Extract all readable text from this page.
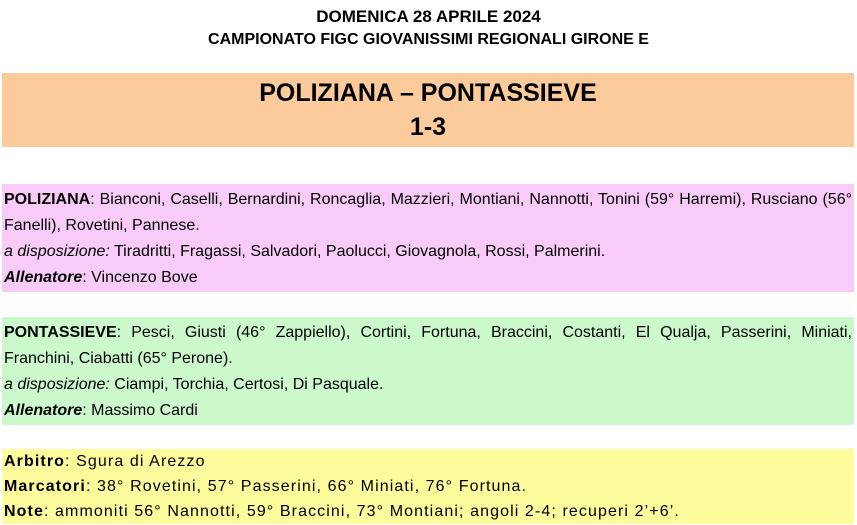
DOMENICA 28 APRILE 2024
CAMPIONATO FIGC GIOVANISSIMI REGIONALI GIRONE E
POLIZIANA – PONTASSIEVE
1-3

POLIZIANA: Bianconi, Caselli, Bernardini, Roncaglia, Mazzieri, Montiani, Nannotti, Tonini (59° Harremi), Rusciano (56° Fanelli), Rovetini, Pannese.

a disposizione: Tiradritti, Fragassi, Salvadori, Paolucci, Giovagnola, Rossi, Palmerini.

Allenatore: Vincenzo Bove

PONTASSIEVE: Pesci, Giusti (46° Zappiello), Cortini, Fortuna, Braccini, Costanti, El Qualja, Passerini, Miniati, Franchini, Ciabatti (65° Perone).

a disposizione: Ciampi, Torchia, Certosi, Di Pasquale.

Allenatore: Massimo Cardi

Arbitro: Sgura di Arezzo
Marcatori: 38° Rovetini, 57° Passerini, 66° Miniati, 76° Fortuna.
Note: ammoniti 56° Nannotti, 59° Braccini, 73° Montiani; angoli 2-4; recuperi 2’+6’.
